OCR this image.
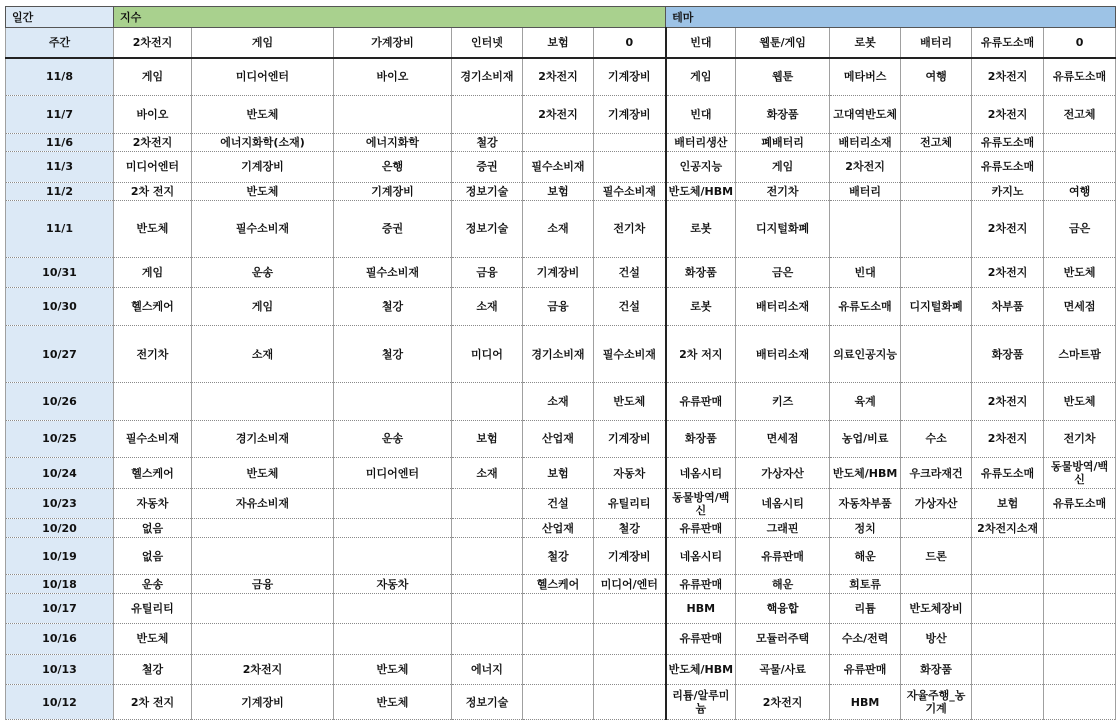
일간	지수						테마					
주간	2차전지	게임	가계장비	인터넷	보험	0	빈대	웹툰/게임	로봇	배터리	유류도소매	0
11/8	게임	미디어엔터	바이오	경기소비재	2차전지	기계장비	게임	웹툰	메타버스	여행	2차전지	유류도소매
11/7	바이오	반도체			2차전지	기계장비	빈대	화장품	고대역반도체		2차전지	전고체
11/6	2차전지	에너지화학(소재)	에너지화학	철강			배터리생산	폐배터리	배터리소재	전고체	유류도소매	
11/3	미디어엔터	기계장비	은행	증권	필수소비재		인공지능	게임	2차전지		유류도소매	
11/2	2차 전지	반도체	기계장비	정보기술	보험	필수소비재	반도체/HBM	전기차	배터리		카지노	여행
11/1	반도체	필수소비재	증권	정보기술	소재	전기차	로봇	디지털화폐			2차전지	금은
10/31	게임	운송	필수소비재	금융	기계장비	건설	화장품	금은	빈대		2차전지	반도체
10/30	헬스케어	게임	철강	소재	금융	건설	로봇	배터리소재	유류도소매	디지털화폐	차부품	면세점
10/27	전기차	소재	철강	미디어	경기소비재	필수소비재	2차 저지	배터리소재	의료인공지능		화장품	스마트팜
10/26					소재	반도체	유류판매	키즈	육계		2차전지	반도체
10/25	필수소비재	경기소비재	운송	보험	산업재	기계장비	화장품	면세점	농업/비료	수소	2차전지	전기차
10/24	헬스케어	반도체	미디어엔터	소재	보험	자동차	네옴시티	가상자산	반도체/HBM	우크라재건	유류도소매	동물방역/백신
10/23	자동차	자유소비재			건설	유틸리티	동물방역/백신	네옴시티	자동차부품	가상자산	보험	유류도소매
10/20	없음				산업재	철강	유류판매	그래핀	정치		2차전지소재	
10/19	없음				철강	기계장비	네옴시티	유류판매	해운	드론		
10/18	운송	금융	자동차		헬스케어	미디어/엔터	유류판매	해운	희토류			
10/17	유틸리티						HBM	핵융합	리튬	반도체장비		
10/16	반도체						유류판매	모듈러주택	수소/전력	방산		
10/13	철강	2차전지	반도체	에너지			반도체/HBM	곡물/사료	유류판매	화장품		
10/12	2차 전지	기계장비	반도체	정보기술			리튬/알루미늄	2차전지	HBM	자율주행_농기계		
